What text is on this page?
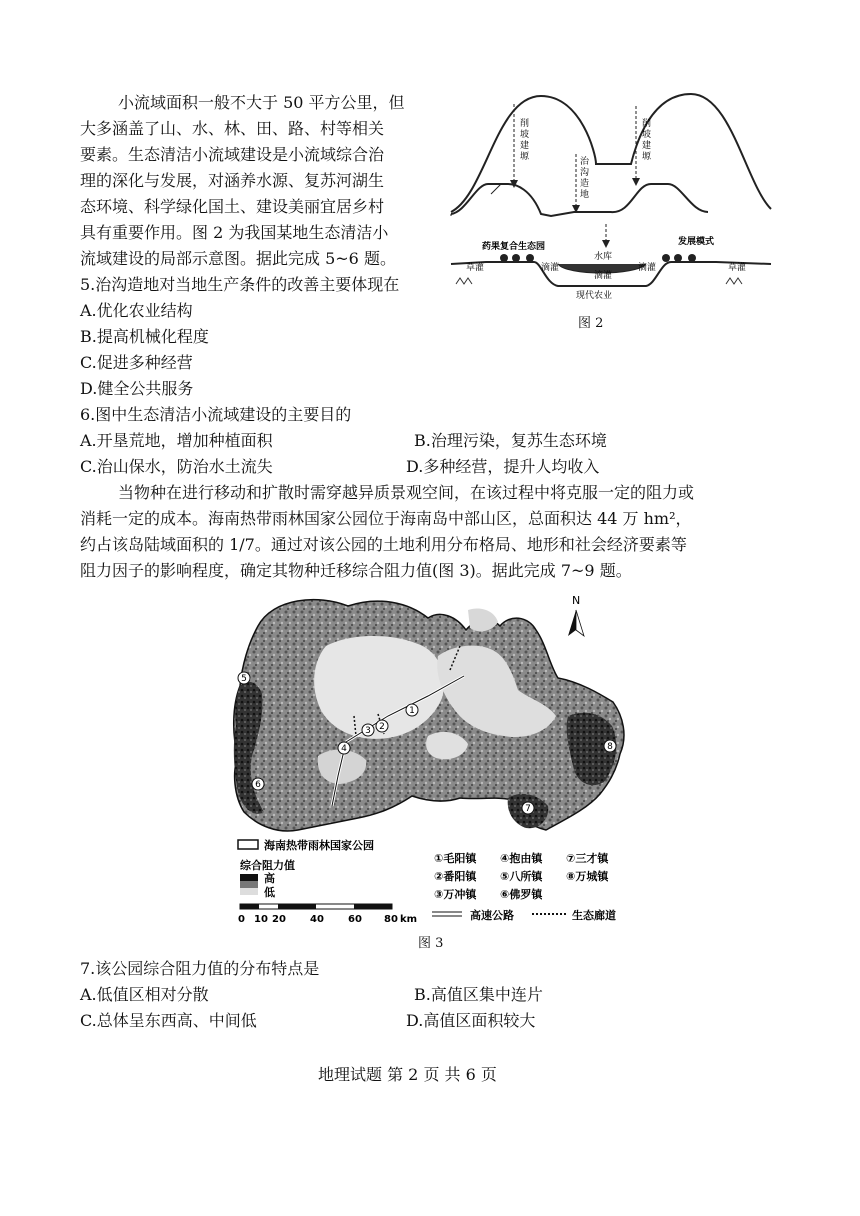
小流域面积一般不大于 50 平方公里，但
大多涵盖了山、水、林、田、路、村等相关
要素。生态清洁小流域建设是小流域综合治
理的深化与发展，对涵养水源、复苏河湖生
态环境、科学绿化国土、建设美丽宜居乡村
具有重要作用。图 2 为我国某地生态清洁小
流域建设的局部示意图。据此完成 5~6 题。
削坡建塬
削坡建塬
治沟造地
发展模式
药果复合生态园
滴灌
水库
滴灌
滴灌
现代农业
草灌	草灌
图 2
5.治沟造地对当地生产条件的改善主要体现在
A.优化农业结构
B.提高机械化程度
C.促进多种经营
D.健全公共服务
6.图中生态清洁小流域建设的主要目的
A.开垦荒地，增加种植面积	B.治理污染，复苏生态环境
C.治山保水，防治水土流失	D.多种经营，提升人均收入
当物种在进行移动和扩散时需穿越异质景观空间，在该过程中将克服一定的阻力或
消耗一定的成本。海南热带雨林国家公园位于海南岛中部山区，总面积达 44 万 hm²，
约占该岛陆域面积的 1/7。通过对该公园的土地利用分布格局、地形和社会经济要素等
阻力因子的影响程度，确定其物种迁移综合阻力值(图 3)。据此完成 7~9 题。
N
1
2
3
4
5
6
7
8
海南热带雨林国家公园
综合阻力值
高
低
0 10 20 40 60 80 km
①毛阳镇 ④抱由镇 ⑦三才镇
②番阳镇 ⑤八所镇 ⑧万城镇
③万冲镇 ⑥佛罗镇
高速公路	生态廊道
图 3
7.该公园综合阻力值的分布特点是
A.低值区相对分散	B.高值区集中连片
C.总体呈东西高、中间低	D.高值区面积较大
地理试题 第 2 页 共 6 页
